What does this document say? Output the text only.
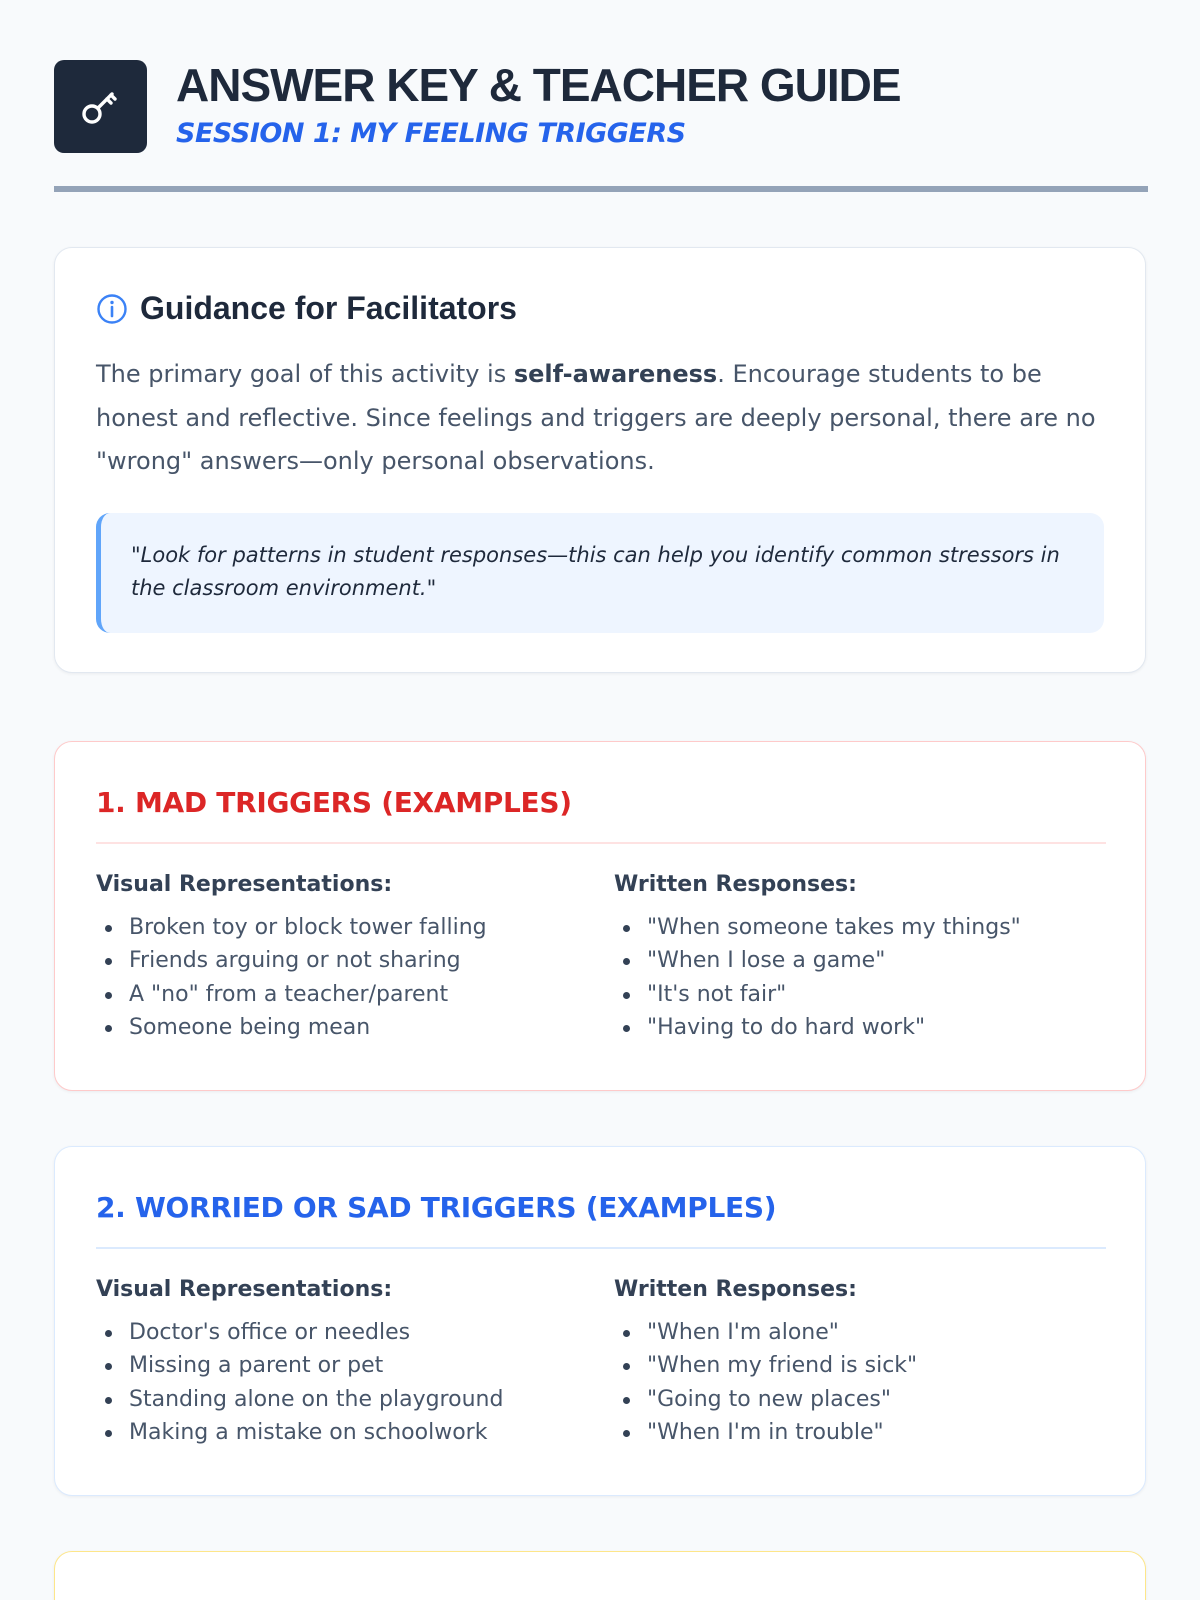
ANSWER KEY & TEACHER GUIDE
SESSION 1: MY FEELING TRIGGERS
Guidance for Facilitators
The primary goal of this activity is self-awareness. Encourage students to be honest and reflective. Since feelings and triggers are deeply personal, there are no "wrong" answers—only personal observations.
"Look for patterns in student responses—this can help you identify common stressors in the classroom environment."
1. MAD TRIGGERS (EXAMPLES)
Visual Representations:
Broken toy or block tower falling
Friends arguing or not sharing
A "no" from a teacher/parent
Someone being mean
Written Responses:
"When someone takes my things"
"When I lose a game"
"It's not fair"
"Having to do hard work"
2. WORRIED OR SAD TRIGGERS (EXAMPLES)
Visual Representations:
Doctor's office or needles
Missing a parent or pet
Standing alone on the playground
Making a mistake on schoolwork
Written Responses:
"When I'm alone"
"When my friend is sick"
"Going to new places"
"When I'm in trouble"
